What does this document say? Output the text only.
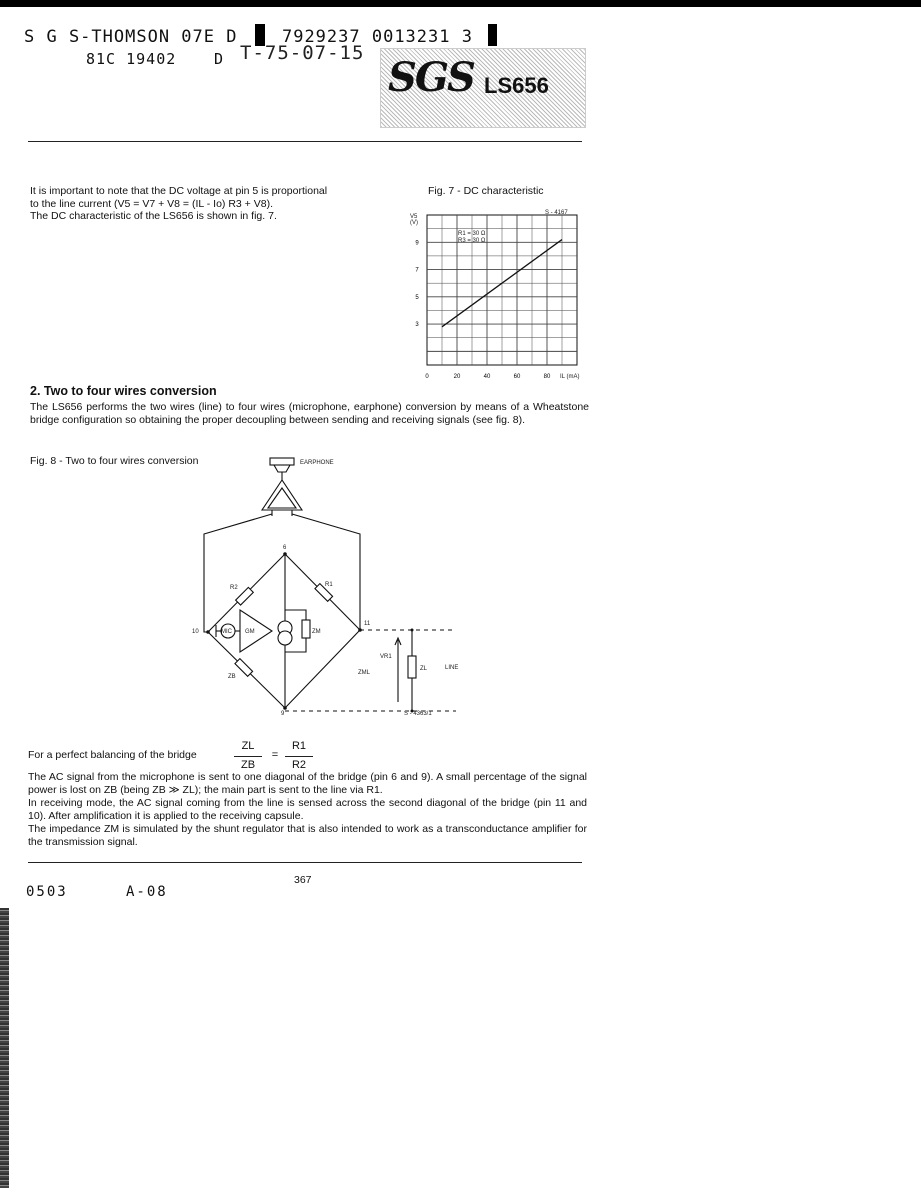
S G S-THOMSON 07E D	7929237 0013231 3
81C 19402	D T-75-07-15
SGS LS656
It is important to note that the DC voltage at pin 5 is proportional
to the line current (V5 = V7 + V8 = (IL - Io) R3 + V8).
The DC characteristic of the LS656 is shown in fig. 7.
Fig. 7 - DC characteristic
S - 4167
V5 (V)
IL (mA)
R1 = 30 Ω
R3 = 30 Ω
0	20	40	60	80
9
7
5
3
2. Two to four wires conversion
The LS656 performs the two wires (line) to four wires (microphone, earphone) conversion by means of a Wheatstone bridge configuration so obtaining the proper decoupling between sending and receiving signals (see fig. 8).
Fig. 8 - Two to four wires conversion	EARPHONE
6
11
10
9
R1
R2
MIC GM	ZM
ZB
VR1
ZML
ZL	LINE
S - 4363/1
For a perfect balancing of the bridge
ZL
ZB
=
R1
R2
The AC signal from the microphone is sent to one diagonal of the bridge (pin 6 and 9). A small percentage of the signal power is lost on ZB (being ZB ≫ ZL); the main part is sent to the line via R1.
In receiving mode, the AC signal coming from the line is sensed across the second diagonal of the bridge (pin 11 and 10). After amplification it is applied to the receiving capsule.
The impedance ZM is simulated by the shunt regulator that is also intended to work as a transconductance amplifier for the transmission signal.
367
0503	A-08
